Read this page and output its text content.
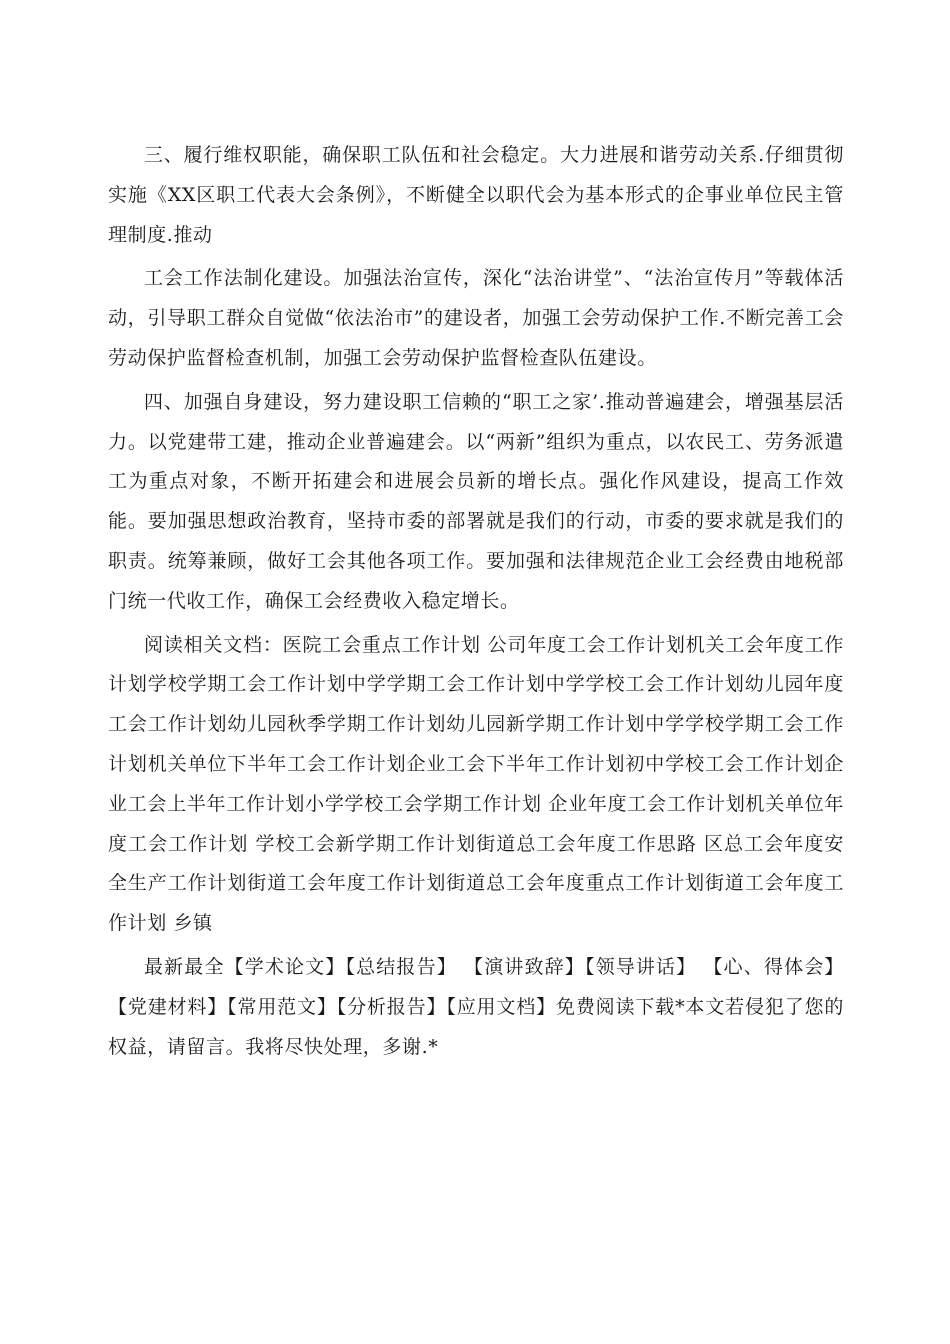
三、履行维权职能，确保职工队伍和社会稳定。大力进展和谐劳动关系.仔细贯彻实施《XX区职工代表大会条例》，不断健全以职代会为基本形式的企事业单位民主管理制度.推动

工会工作法制化建设。加强法治宣传，深化“法治讲堂”、“法治宣传月”等载体活动，引导职工群众自觉做“依法治市”的建设者，加强工会劳动保护工作.不断完善工会劳动保护监督检查机制，加强工会劳动保护监督检查队伍建设。

四、加强自身建设，努力建设职工信赖的“职工之家’.推动普遍建会，增强基层活力。以党建带工建，推动企业普遍建会。以“两新”组织为重点，以农民工、劳务派遣工为重点对象，不断开拓建会和进展会员新的增长点。强化作风建设，提高工作效能。要加强思想政治教育，坚持市委的部署就是我们的行动，市委的要求就是我们的职责。统筹兼顾，做好工会其他各项工作。要加强和法律规范企业工会经费由地税部门统一代收工作，确保工会经费收入稳定增长。

阅读相关文档：医院工会重点工作计划 公司年度工会工作计划机关工会年度工作计划学校学期工会工作计划中学学期工会工作计划中学学校工会工作计划幼儿园年度工会工作计划幼儿园秋季学期工作计划幼儿园新学期工作计划中学学校学期工会工作计划机关单位下半年工会工作计划企业工会下半年工作计划初中学校工会工作计划企业工会上半年工作计划小学学校工会学期工作计划 企业年度工会工作计划机关单位年度工会工作计划 学校工会新学期工作计划街道总工会年度工作思路 区总工会年度安全生产工作计划街道工会年度工作计划街道总工会年度重点工作计划街道工会年度工作计划 乡镇

最新最全【学术论文】【总结报告】 【演讲致辞】【领导讲话】 【心、得体会】【党建材料】【常用范文】【分析报告】【应用文档】免费阅读下载*本文若侵犯了您的权益，请留言。我将尽快处理，多谢.*
